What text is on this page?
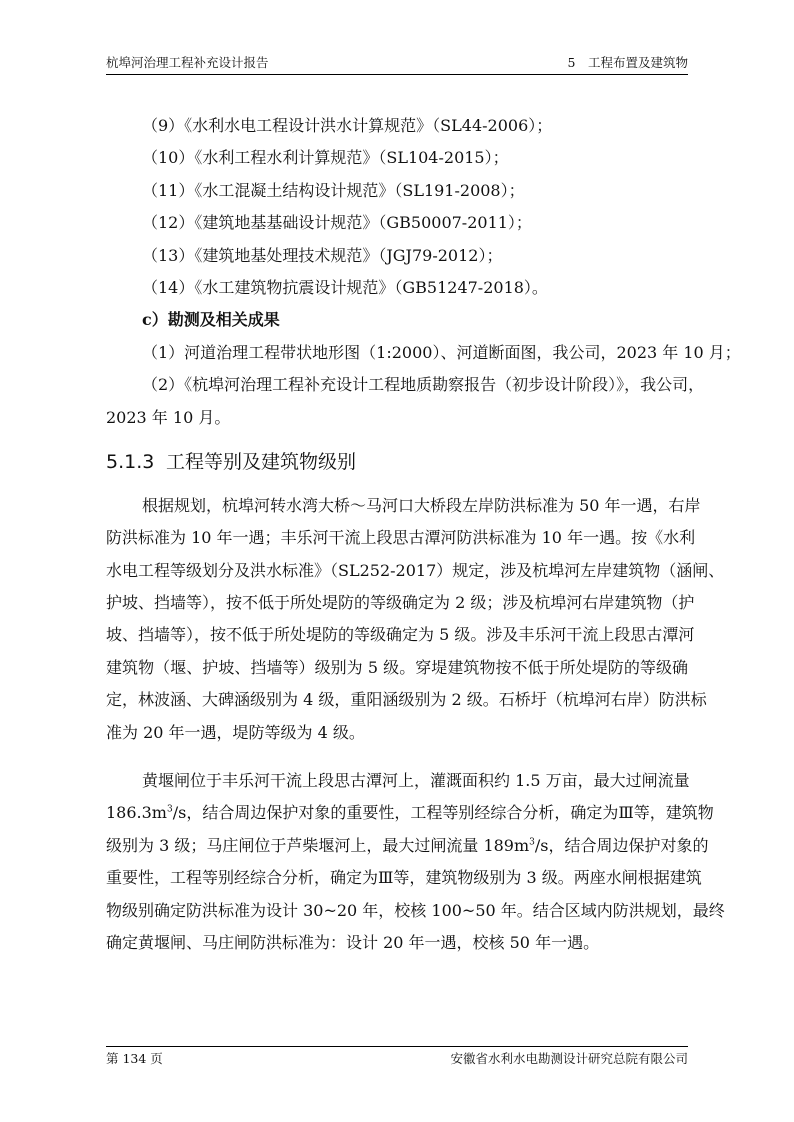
杭埠河治理工程补充设计报告	5　工程布置及建筑物
（9）《水利水电工程设计洪水计算规范》（SL44-2006）；
（10）《水利工程水利计算规范》（SL104-2015）；
（11）《水工混凝土结构设计规范》（SL191-2008）；
（12）《建筑地基基础设计规范》（GB50007-2011）；
（13）《建筑地基处理技术规范》（JGJ79-2012）；
（14）《水工建筑物抗震设计规范》（GB51247-2018）。
c）勘测及相关成果
（1）河道治理工程带状地形图（1:2000）、河道断面图，我公司，2023 年 10 月；
（2）《杭埠河治理工程补充设计工程地质勘察报告（初步设计阶段）》，我公司，
2023 年 10 月。
5.1.3 工程等别及建筑物级别
根据规划，杭埠河转水湾大桥～马河口大桥段左岸防洪标准为 50 年一遇，右岸
防洪标准为 10 年一遇；丰乐河干流上段思古潭河防洪标准为 10 年一遇。按《水利
水电工程等级划分及洪水标准》（SL252-2017）规定，涉及杭埠河左岸建筑物（涵闸、
护坡、挡墙等），按不低于所处堤防的等级确定为 2 级；涉及杭埠河右岸建筑物（护
坡、挡墙等），按不低于所处堤防的等级确定为 5 级。涉及丰乐河干流上段思古潭河
建筑物（堰、护坡、挡墙等）级别为 5 级。穿堤建筑物按不低于所处堤防的等级确
定，林波涵、大碑涵级别为 4 级，重阳涵级别为 2 级。石桥圩（杭埠河右岸）防洪标
准为 20 年一遇，堤防等级为 4 级。
黄堰闸位于丰乐河干流上段思古潭河上，灌溉面积约 1.5 万亩，最大过闸流量
$186.3m^3/s$，结合周边保护对象的重要性，工程等别经综合分析，确定为Ⅲ等，建筑物
级别为 3 级；马庄闸位于芦柴堰河上，最大过闸流量 $189m^3/s$，结合周边保护对象的
重要性，工程等别经综合分析，确定为Ⅲ等，建筑物级别为 3 级。两座水闸根据建筑
物级别确定防洪标准为设计 30~20 年，校核 100~50 年。结合区域内防洪规划，最终
确定黄堰闸、马庄闸防洪标准为：设计 20 年一遇，校核 50 年一遇。
第 134 页	安徽省水利水电勘测设计研究总院有限公司
